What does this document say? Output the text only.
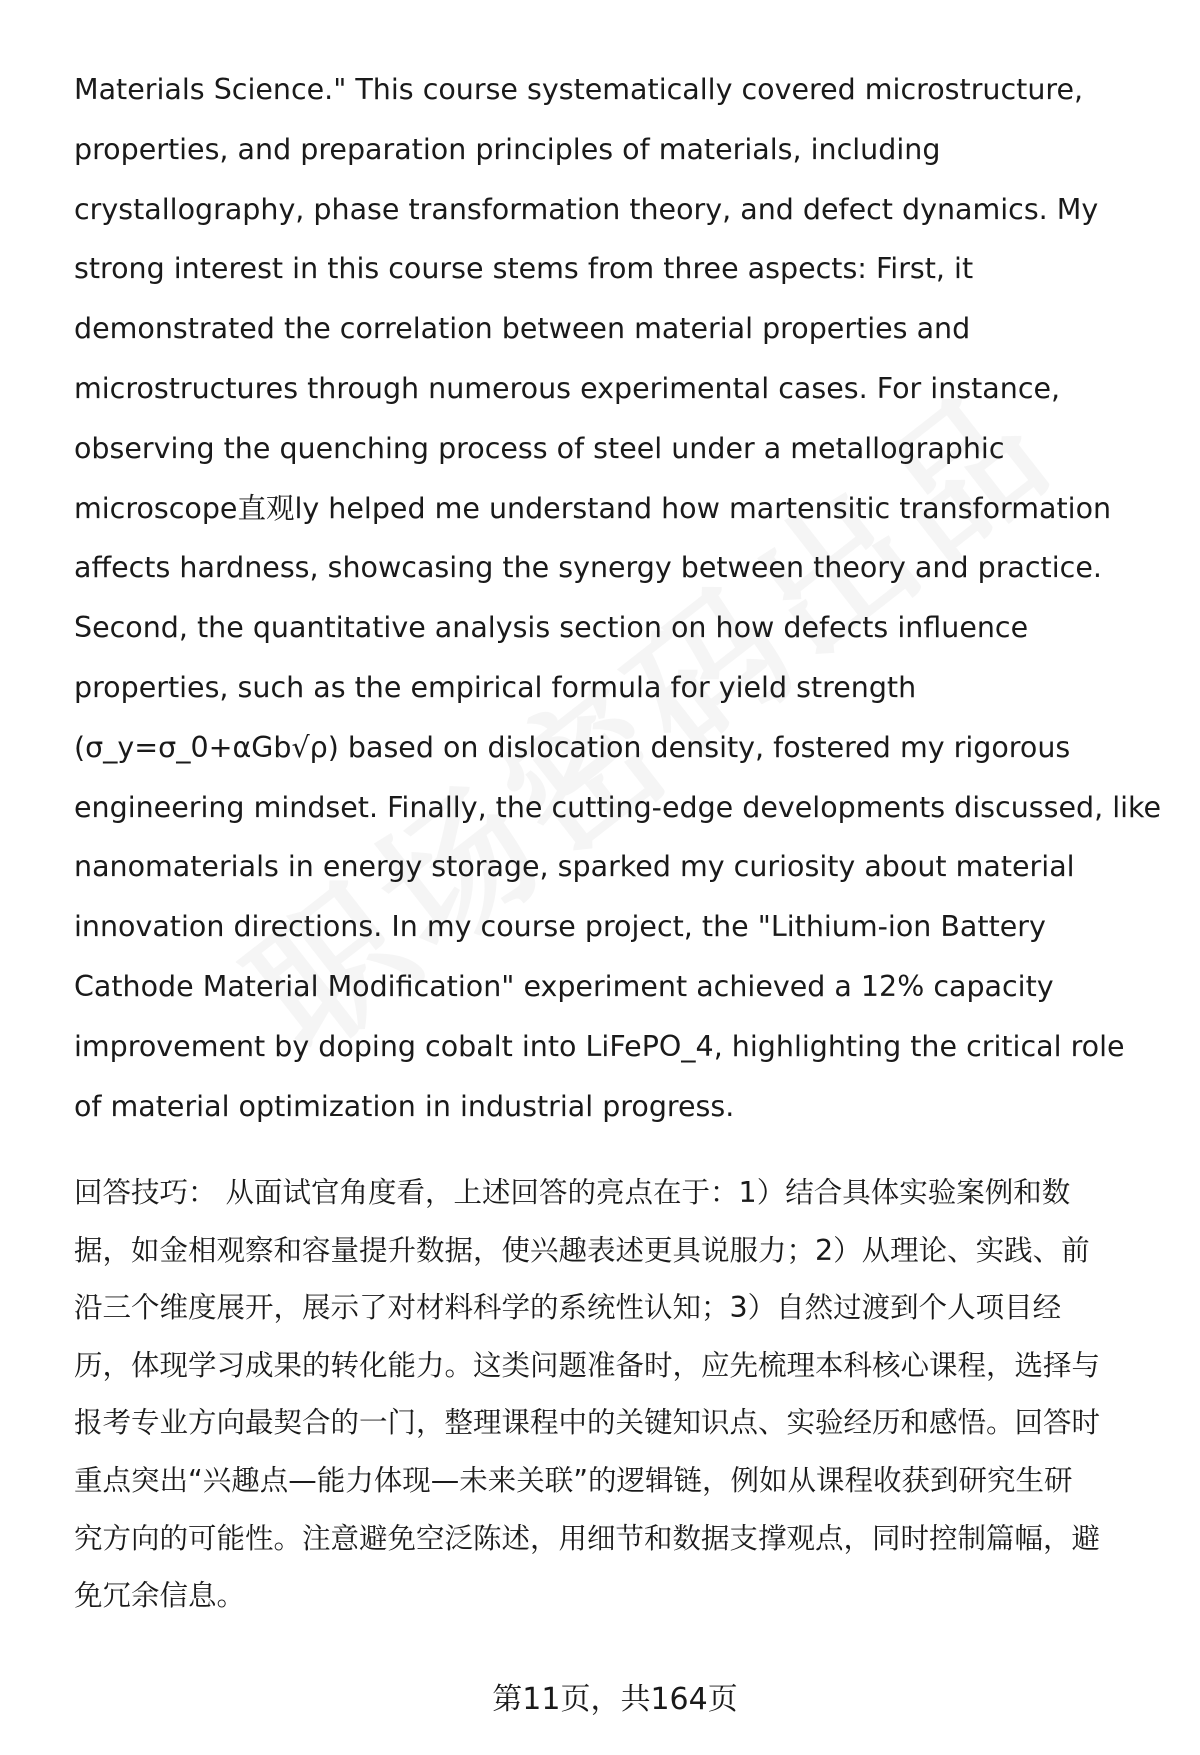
Materials Science." This course systematically covered microstructure,
properties, and preparation principles of materials, including
crystallography, phase transformation theory, and defect dynamics. My
strong interest in this course stems from three aspects: First, it
demonstrated the correlation between material properties and
microstructures through numerous experimental cases. For instance,
observing the quenching process of steel under a metallographic
microscope直观ly helped me understand how martensitic transformation
affects hardness, showcasing the synergy between theory and practice.
Second, the quantitative analysis section on how defects influence
properties, such as the empirical formula for yield strength
(σ_y=σ_0+αGb√ρ) based on dislocation density, fostered my rigorous
engineering mindset. Finally, the cutting-edge developments discussed, like
nanomaterials in energy storage, sparked my curiosity about material
innovation directions. In my course project, the "Lithium-ion Battery
Cathode Material Modification" experiment achieved a 12% capacity
improvement by doping cobalt into LiFePO_4, highlighting the critical role
of material optimization in industrial progress.

回答技巧： 从面试官角度看，上述回答的亮点在于：1）结合具体实验案例和数
据，如金相观察和容量提升数据，使兴趣表述更具说服力；2）从理论、实践、前
沿三个维度展开，展示了对材料科学的系统性认知；3）自然过渡到个人项目经
历，体现学习成果的转化能力。这类问题准备时，应先梳理本科核心课程，选择与
报考专业方向最契合的一门，整理课程中的关键知识点、实验经历和感悟。回答时
重点突出“兴趣点—能力体现—未来关联”的逻辑链，例如从课程收获到研究生研
究方向的可能性。注意避免空泛陈述，用细节和数据支撑观点，同时控制篇幅，避
免冗余信息。

第11页，共164页
